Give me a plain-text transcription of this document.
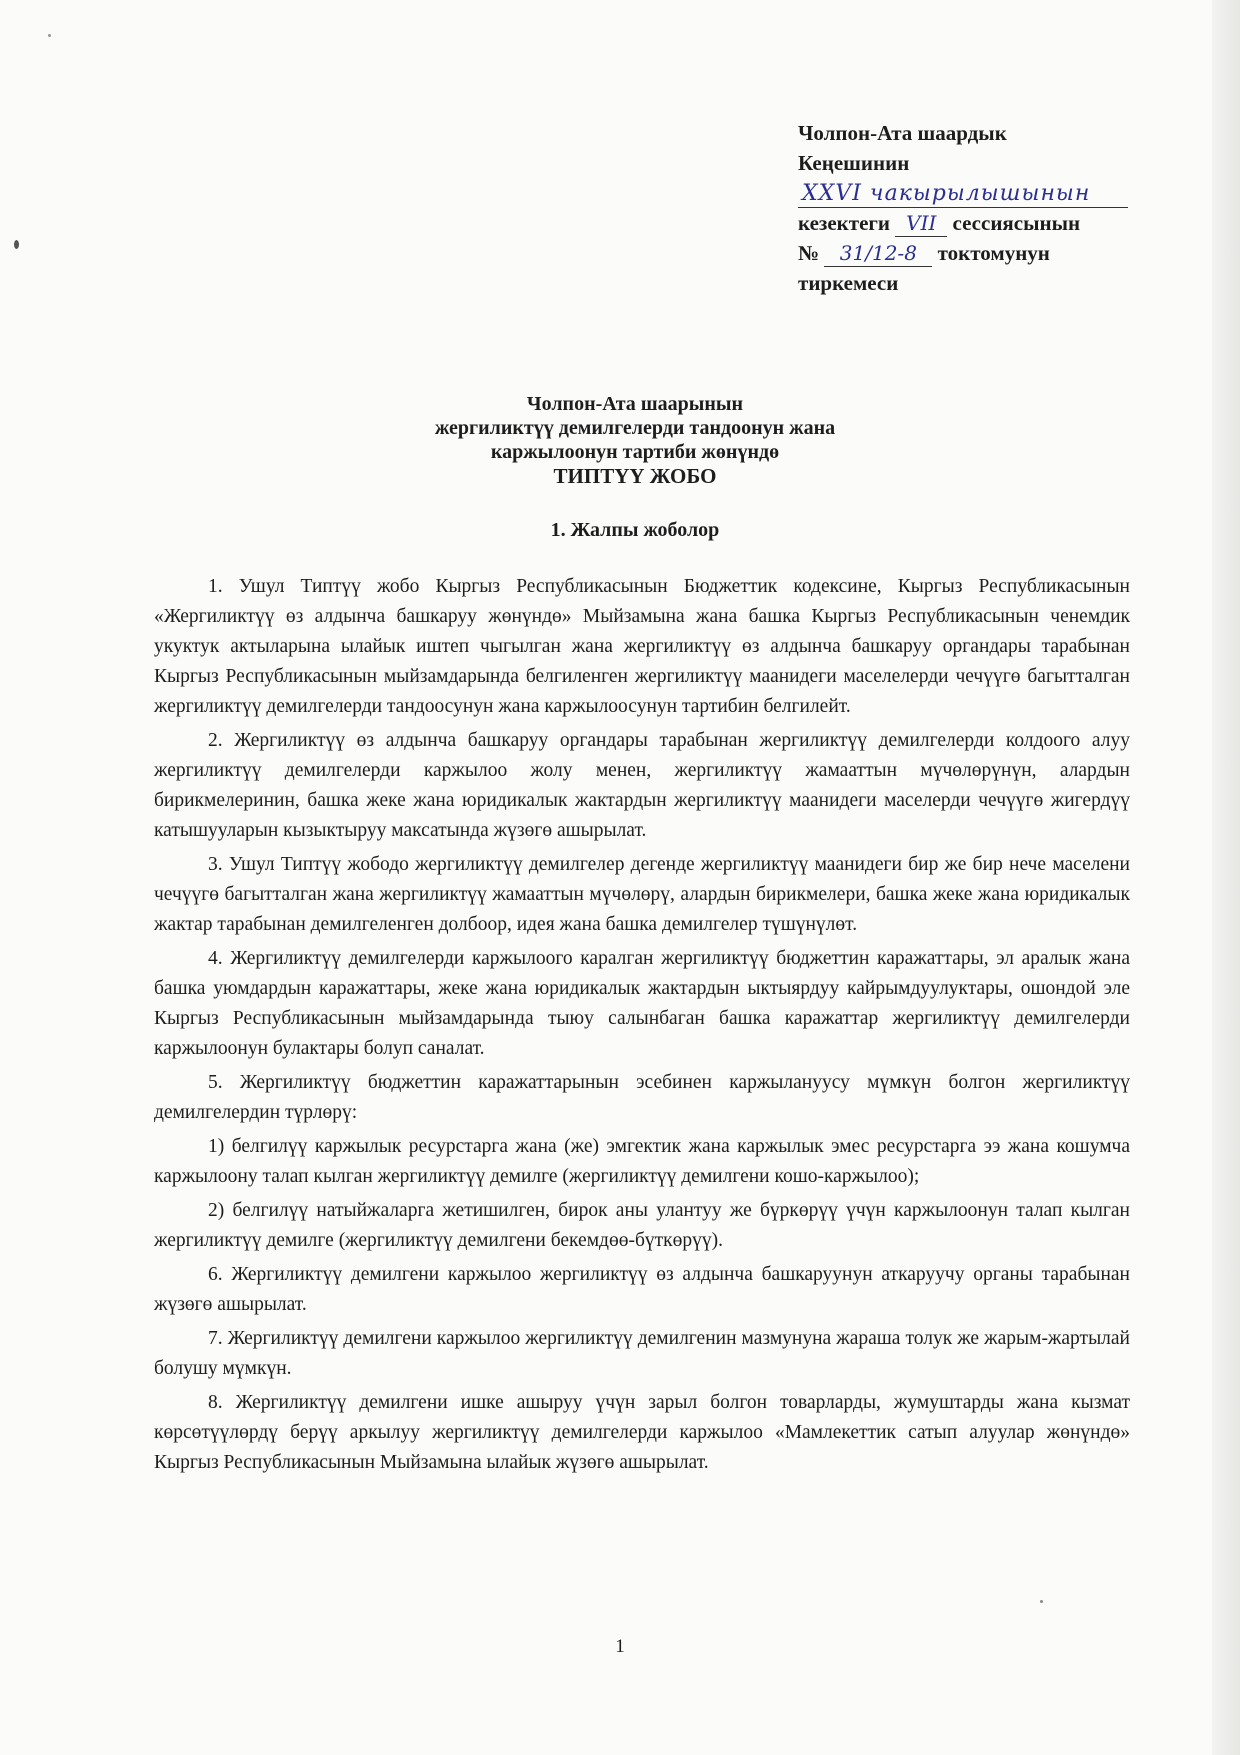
Чолпон-Ата шаардык
Кеңешинин
XXVI чакырылышынын
кезектеги VII сессиясынын
№ 31/12-8 токтомунун
тиркемеси
Чолпон-Ата шаарынын
жергиликтүү демилгелерди тандоонун жана
каржылоонун тартиби жөнүндө
ТИПТҮҮ ЖОБО
1. Жалпы жоболор

1. Ушул Типтүү жобо Кыргыз Республикасынын Бюджеттик кодексине, Кыргыз Республикасынын «Жергиликтүү өз алдынча башкаруу жөнүндө» Мыйзамына жана башка Кыргыз Республикасынын ченемдик укуктук актыларына ылайык иштеп чыгылган жана жергиликтүү өз алдынча башкаруу органдары тарабынан Кыргыз Республикасынын мыйзамдарында белгиленген жергиликтүү маанидеги маселелерди чечүүгө багытталган жергиликтүү демилгелерди тандоосунун жана каржылоосунун тартибин белгилейт.

2. Жергиликтүү өз алдынча башкаруу органдары тарабынан жергиликтүү демилгелерди колдоого алуу жергиликтүү демилгелерди каржылоо жолу менен, жергиликтүү жамааттын мүчөлөрүнүн, алардын бирикмелеринин, башка жеке жана юридикалык жактардын жергиликтүү маанидеги маселерди чечүүгө жигердүү катышууларын кызыктыруу максатында жүзөгө ашырылат.

3. Ушул Типтүү жободо жергиликтүү демилгелер дегенде жергиликтүү маанидеги бир же бир нече маселени чечүүгө багытталган жана жергиликтүү жамааттын мүчөлөрү, алардын бирикмелери, башка жеке жана юридикалык жактар тарабынан демилгеленген долбоор, идея жана башка демилгелер түшүнүлөт.

4. Жергиликтүү демилгелерди каржылоого каралган жергиликтүү бюджеттин каражаттары, эл аралык жана башка уюмдардын каражаттары, жеке жана юридикалык жактардын ыктыярдуу кайрымдуулуктары, ошондой эле Кыргыз Республикасынын мыйзамдарында тыюу салынбаган башка каражаттар жергиликтүү демилгелерди каржылоонун булактары болуп саналат.

5. Жергиликтүү бюджеттин каражаттарынын эсебинен каржылануусу мүмкүн болгон жергиликтүү демилгелердин түрлөрү:

1) белгилүү каржылык ресурстарга жана (же) эмгектик жана каржылык эмес ресурстарга ээ жана кошумча каржылоону талап кылган жергиликтүү демилге (жергиликтүү демилгени кошо-каржылоо);

2) белгилүү натыйжаларга жетишилген, бирок аны улантуу же бүркөрүү үчүн каржылоонун талап кылган жергиликтүү демилге (жергиликтүү демилгени бекемдөө-бүткөрүү).

6. Жергиликтүү демилгени каржылоо жергиликтүү өз алдынча башкаруунун аткаруучу органы тарабынан жүзөгө ашырылат.

7. Жергиликтүү демилгени каржылоо жергиликтүү демилгенин мазмунуна жараша толук же жарым-жартылай болушу мүмкүн.

8. Жергиликтүү демилгени ишке ашыруу үчүн зарыл болгон товарларды, жумуштарды жана кызмат көрсөтүүлөрдү берүү аркылуу жергиликтүү демилгелерди каржылоо «Мамлекеттик сатып алуулар жөнүндө» Кыргыз Республикасынын Мыйзамына ылайык жүзөгө ашырылат.

1
